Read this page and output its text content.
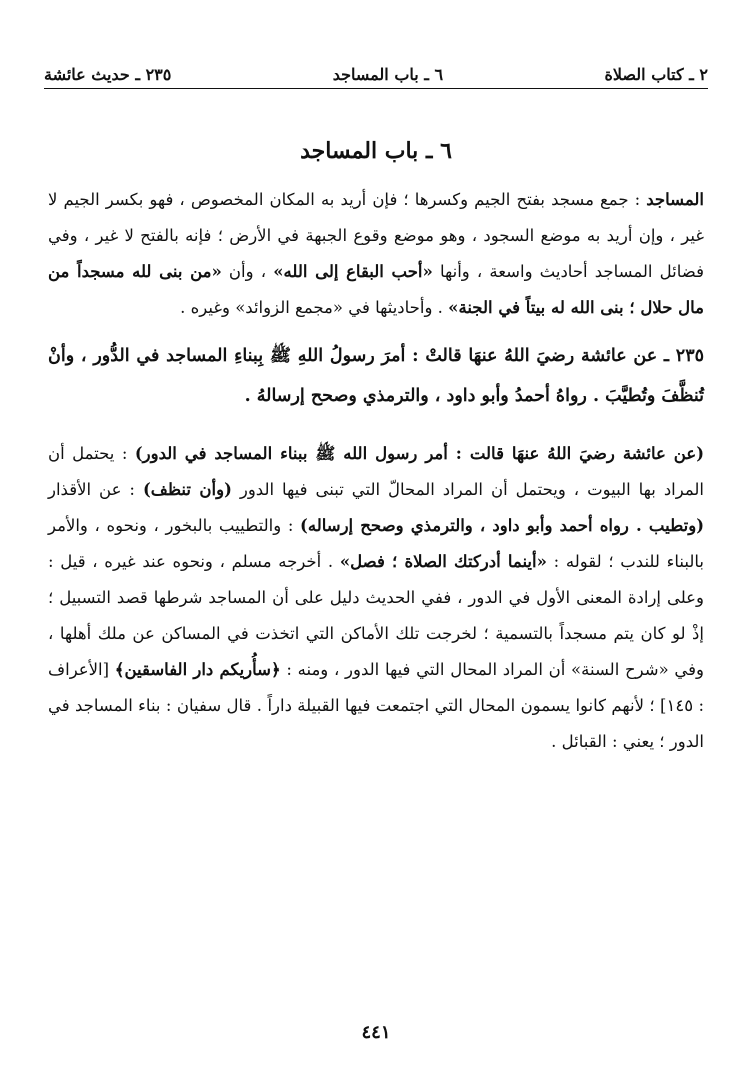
٢ ـ كتاب الصلاة
٦ ـ باب المساجد
٢٣٥ ـ حديث عائشة
٦ ـ باب المساجد

المساجد : جمع مسجد بفتح الجيم وكسرها ؛ فإن أريد به المكان المخصوص ، فهو بكسر الجيم لا غير ، وإن أريد به موضع السجود ، وهو موضع وقوع الجبهة في الأرض ؛ فإنه بالفتح لا غير ، وفي فضائل المساجد أحاديث واسعة ، وأنها «أحب البقاع إلى الله» ، وأن «من بنى لله مسجداً من مال حلال ؛ بنى الله له بيتاً في الجنة» . وأحاديثها في «مجمع الزوائد» وغيره .

٢٣٥ ـ عن عائشة رضيَ اللهُ عنهَا قالتْ : أمرَ رسولُ اللهِ ﷺ بِبناءِ المساجد في الدُّور ، وأنْ تُنظَّفَ وتُطيَّبَ . رواهُ أحمدُ وأبو داود ، والترمذي وصحح إرسالهُ .

(عن عائشة رضيَ اللهُ عنهَا قالت : أمر رسول الله ﷺ ببناء المساجد في الدور) : يحتمل أن المراد بها البيوت ، ويحتمل أن المراد المحالّ التي تبنى فيها الدور (وأن تنظف) : عن الأقذار (وتطيب . رواه أحمد وأبو داود ، والترمذي وصحح إرساله) : والتطييب بالبخور ، ونحوه ، والأمر بالبناء للندب ؛ لقوله : «أينما أدركتك الصلاة ؛ فصل» . أخرجه مسلم ، ونحوه عند غيره ، قيل : وعلى إرادة المعنى الأول في الدور ، ففي الحديث دليل على أن المساجد شرطها قصد التسبيل ؛ إذْ لو كان يتم مسجداً بالتسمية ؛ لخرجت تلك الأماكن التي اتخذت في المساكن عن ملك أهلها ، وفي «شرح السنة» أن المراد المحال التي فيها الدور ، ومنه : ﴿سأُريكم دار الفاسقين﴾ [الأعراف : ١٤٥] ؛ لأنهم كانوا يسمون المحال التي اجتمعت فيها القبيلة داراً . قال سفيان : بناء المساجد في الدور ؛ يعني : القبائل .

٤٤١
